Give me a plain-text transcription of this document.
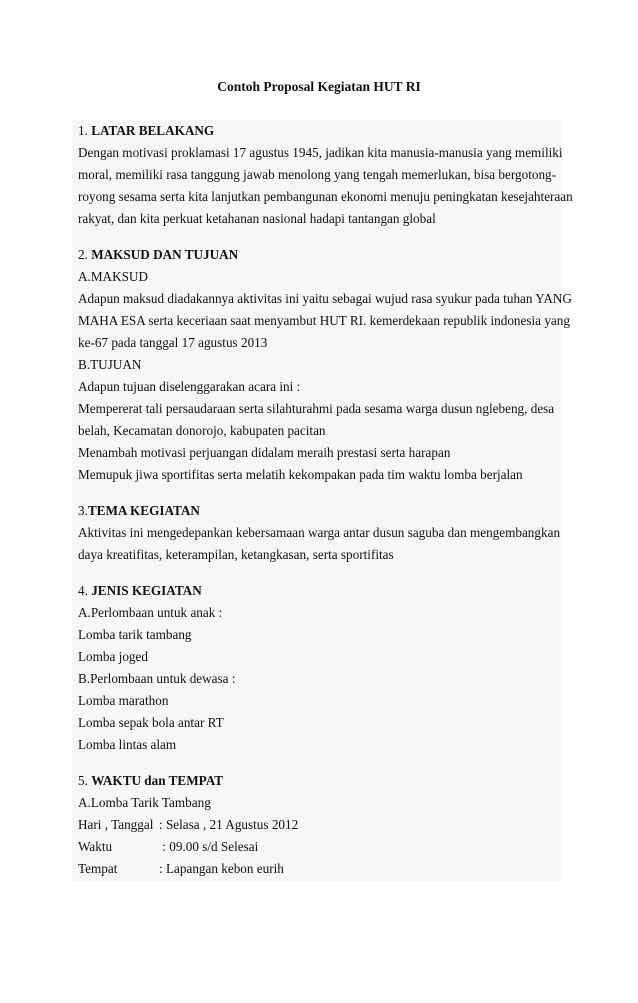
Contoh Proposal Kegiatan HUT RI
1. LATAR BELAKANG
Dengan motivasi proklamasi 17 agustus 1945, jadikan kita manusia-manusia yang memiliki
moral, memiliki rasa tanggung jawab menolong yang tengah memerlukan, bisa bergotong-
royong sesama serta kita lanjutkan pembangunan ekonomi menuju peningkatan kesejahteraan
rakyat, dan kita perkuat ketahanan nasional hadapi tantangan global
2. MAKSUD DAN TUJUAN
A.MAKSUD
Adapun maksud diadakannya aktivitas ini yaitu sebagai wujud rasa syukur pada tuhan YANG
MAHA ESA serta keceriaan saat menyambut HUT RI. kemerdekaan republik indonesia yang
ke-67 pada tanggal 17 agustus 2013
B.TUJUAN
Adapun tujuan diselenggarakan acara ini :
Mempererat tali persaudaraan serta silahturahmi pada sesama warga dusun nglebeng, desa
belah, Kecamatan donorojo, kabupaten pacitan
Menambah motivasi perjuangan didalam meraih prestasi serta harapan
Memupuk jiwa sportifitas serta melatih kekompakan pada tim waktu lomba berjalan
3.TEMA KEGIATAN
Aktivitas ini mengedepankan kebersamaan warga antar dusun saguba dan mengembangkan
daya kreatifitas, keterampilan, ketangkasan, serta sportifitas
4. JENIS KEGIATAN
A.Perlombaan untuk anak :
Lomba tarik tambang
Lomba joged
B.Perlombaan untuk dewasa :
Lomba marathon
Lomba sepak bola antar RT
Lomba lintas alam
5. WAKTU dan TEMPAT
A.Lomba Tarik Tambang
Hari , Tanggal : Selasa , 21 Agustus 2012
Waktu	: 09.00 s/d Selesai
Tempat	: Lapangan kebon eurih
